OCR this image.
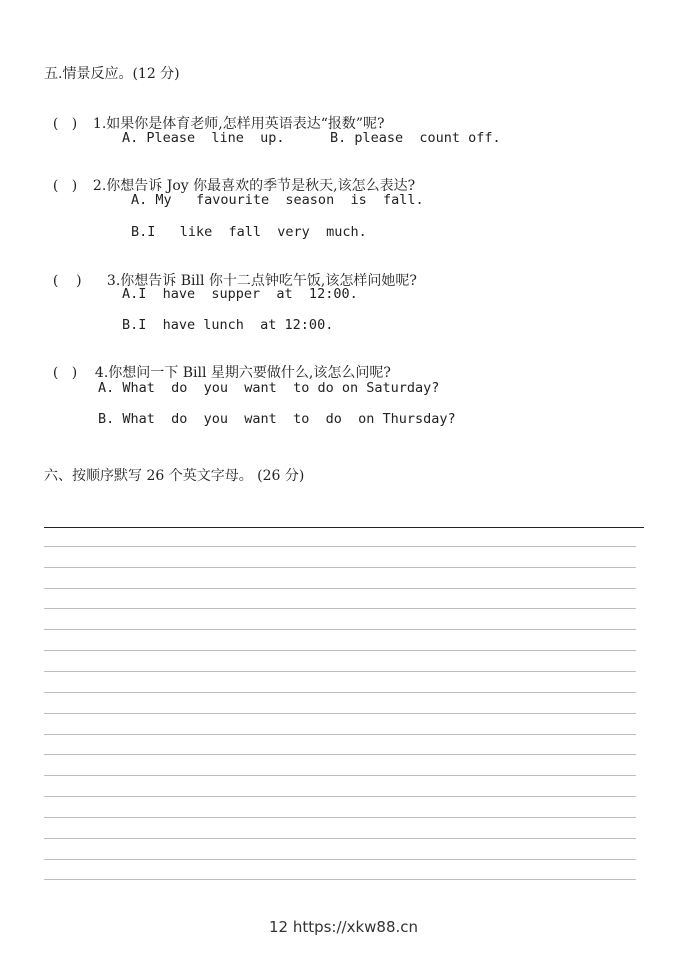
五.情景反应。(12 分)

(   ) 1.如果你是体育老师,怎样用英语表达“报数”呢?

A. Please  line  up.	B. please  count off.

(   ) 2.你想告诉 Joy 你最喜欢的季节是秋天,该怎么表达?

A. My   favourite  season  is  fall.
B.I   like  fall  very  much.

(    ) 3.你想告诉 Bill 你十二点钟吃午饭,该怎样问她呢?

A.I  have  supper  at  12:00.
B.I  have lunch  at 12:00.

(   ) 4.你想问一下 Bill 星期六要做什么,该怎么问呢?

A. What  do  you  want  to do on Saturday?
B. What  do  you  want  to  do  on Thursday?
六、按顺序默写 26 个英文字母。 (26 分)
12 https://xkw88.cn
